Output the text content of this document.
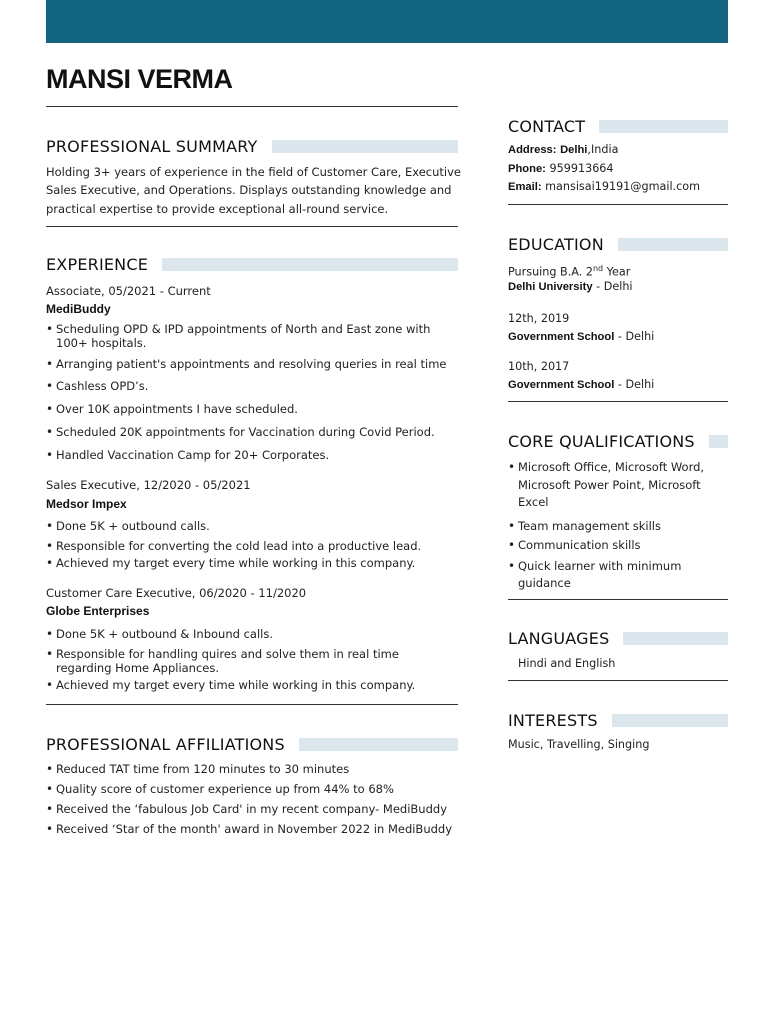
MANSI VERMA
PROFESSIONAL SUMMARY

Holding 3+ years of experience in the field of Customer Care, Executive

Sales Executive, and Operations. Displays outstanding knowledge and

practical expertise to provide exceptional all-round service.

EXPERIENCE

Associate, 05/2021 - Current

MediBuddy

• Scheduling OPD & IPD appointments of North and East zone with 100+ hospitals.
• Arranging patient's appointments and resolving queries in real time
• Cashless OPD’s.
• Over 10K appointments I have scheduled.
• Scheduled 20K appointments for Vaccination during Covid Period.
• Handled Vaccination Camp for 20+ Corporates.

Sales Executive, 12/2020 - 05/2021

Medsor Impex

• Done 5K + outbound calls.
• Responsible for converting the cold lead into a productive lead.
• Achieved my target every time while working in this company.

Customer Care Executive, 06/2020 - 11/2020

Globe Enterprises

• Done 5K + outbound & Inbound calls.
• Responsible for handling quires and solve them in real time regarding Home Appliances.
• Achieved my target every time while working in this company.
PROFESSIONAL AFFILIATIONS
• Reduced TAT time from 120 minutes to 30 minutes
• Quality score of customer experience up from 44% to 68%
• Received the ‘fabulous Job Card' in my recent company- MediBuddy
• Received ‘Star of the month' award in November 2022 in MediBuddy
CONTACT

Address: Delhi,India

Phone: 959913664

Email: mansisai19191@gmail.com

EDUCATION

Pursuing B.A. 2nd Year

Delhi University - Delhi

12th, 2019

Government School - Delhi

10th, 2017

Government School - Delhi

CORE QUALIFICATIONS
• Microsoft Office, Microsoft Word,
Microsoft Power Point, Microsoft
Excel
• Team management skills
• Communication skills
• Quick learner with minimum
guidance
LANGUAGES

Hindi and English

INTERESTS

Music, Travelling, Singing
